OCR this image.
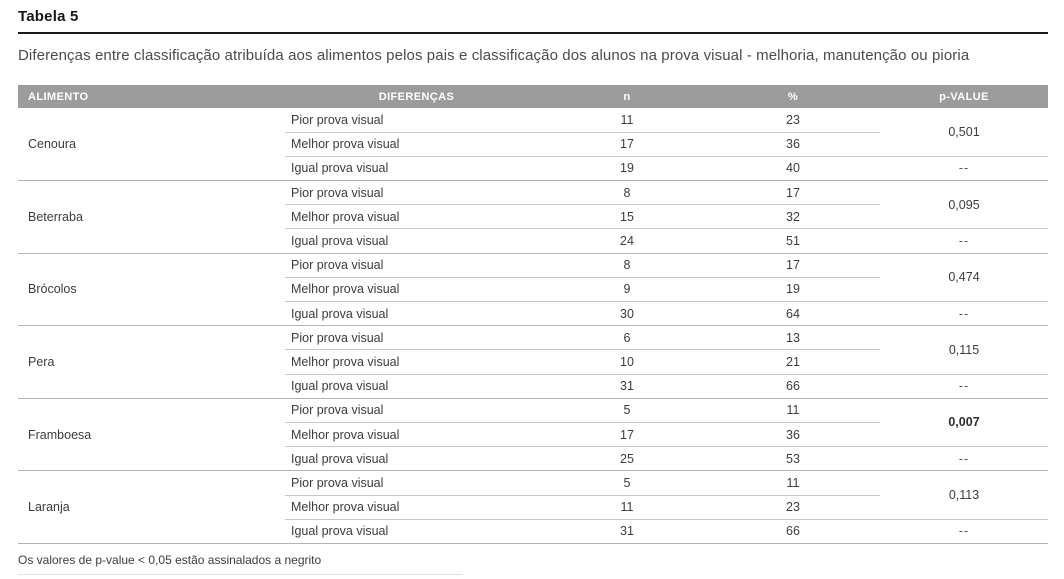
Tabela 5
Diferenças entre classificação atribuída aos alimentos pelos pais e classificação dos alunos na prova visual - melhoria, manutenção ou pioria
ALIMENTO	DIFERENÇAS	n	%	p-VALUE
Cenoura	Pior prova visual	11	23	0,501
	Melhor prova visual	17	36	
	Igual prova visual	19	40	--
Beterraba	Pior prova visual	8	17	0,095
	Melhor prova visual	15	32	
	Igual prova visual	24	51	--
Brócolos	Pior prova visual	8	17	0,474
	Melhor prova visual	9	19	
	Igual prova visual	30	64	--
Pera	Pior prova visual	6	13	0,115
	Melhor prova visual	10	21	
	Igual prova visual	31	66	--
Framboesa	Pior prova visual	5	11	0,007
	Melhor prova visual	17	36	
	Igual prova visual	25	53	--
Laranja	Pior prova visual	5	11	0,113
	Melhor prova visual	11	23	
	Igual prova visual	31	66	--
Os valores de p-value < 0,05 estão assinalados a negrito
